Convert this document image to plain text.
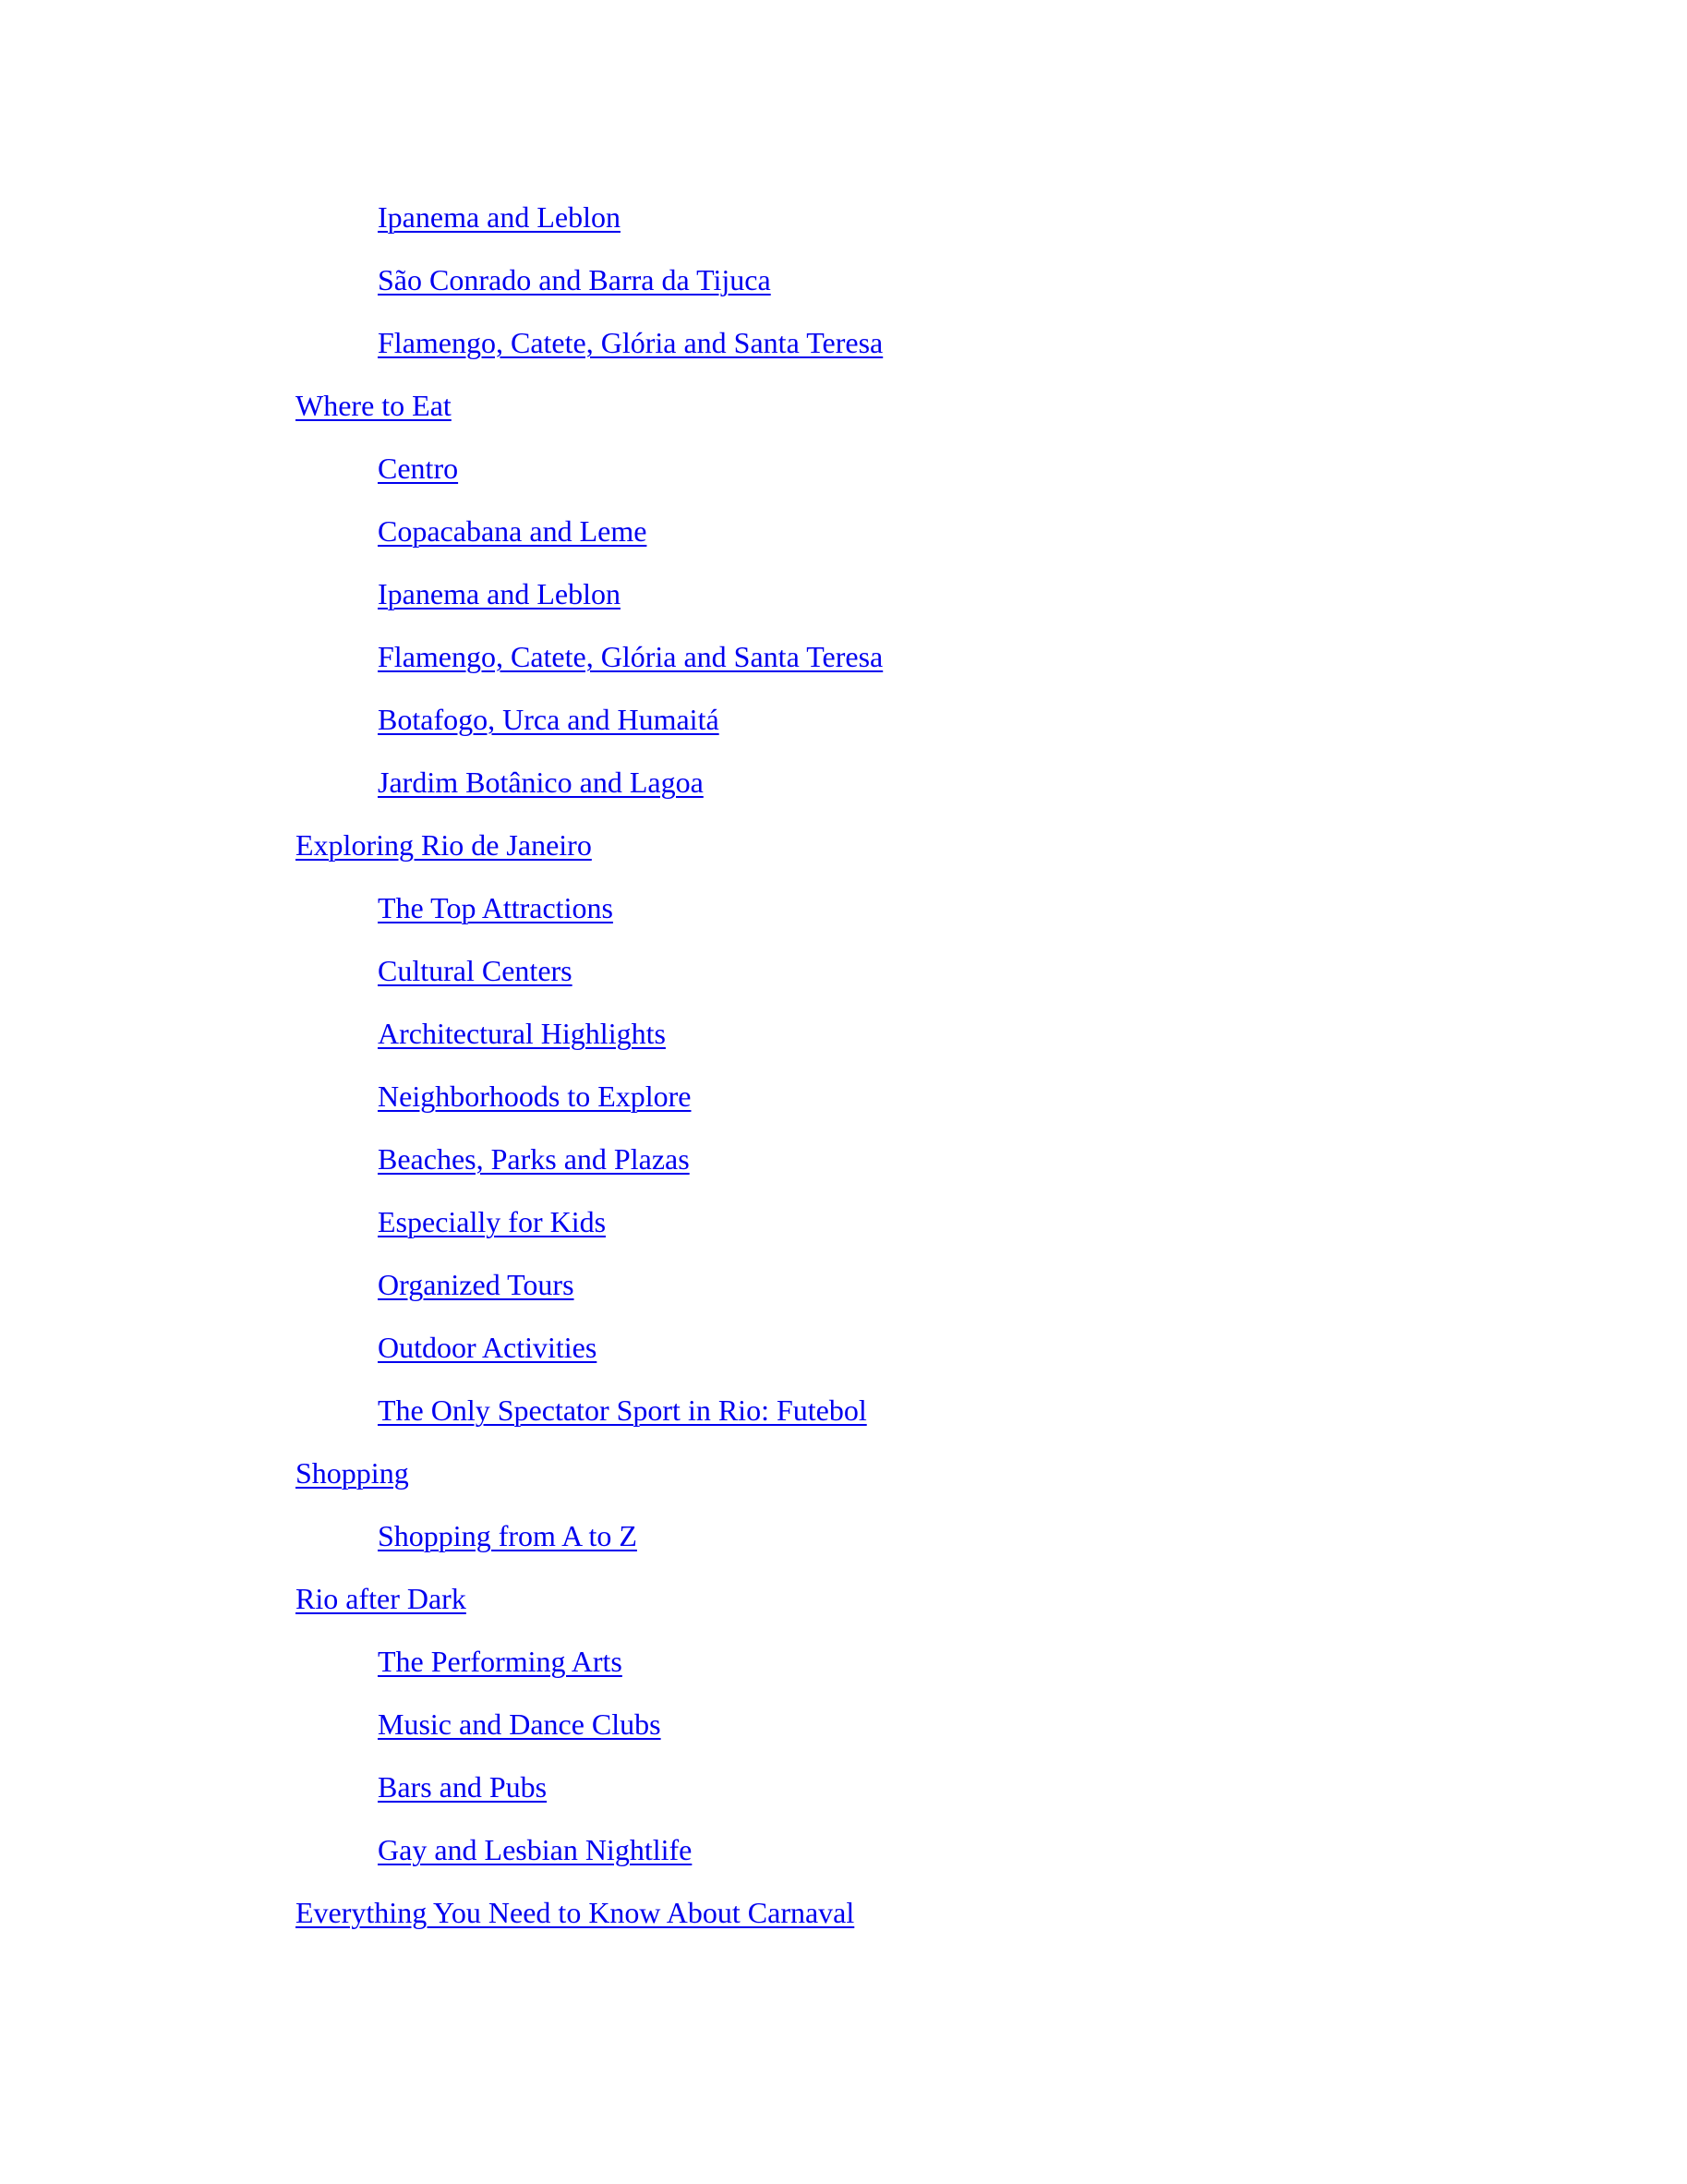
Ipanema and Leblon
São Conrado and Barra da Tijuca
Flamengo, Catete, Glória and Santa Teresa
Where to Eat
Centro
Copacabana and Leme
Ipanema and Leblon
Flamengo, Catete, Glória and Santa Teresa
Botafogo, Urca and Humaitá
Jardim Botânico and Lagoa
Exploring Rio de Janeiro
The Top Attractions
Cultural Centers
Architectural Highlights
Neighborhoods to Explore
Beaches, Parks and Plazas
Especially for Kids
Organized Tours
Outdoor Activities
The Only Spectator Sport in Rio: Futebol
Shopping
Shopping from A to Z
Rio after Dark
The Performing Arts
Music and Dance Clubs
Bars and Pubs
Gay and Lesbian Nightlife
Everything You Need to Know About Carnaval
